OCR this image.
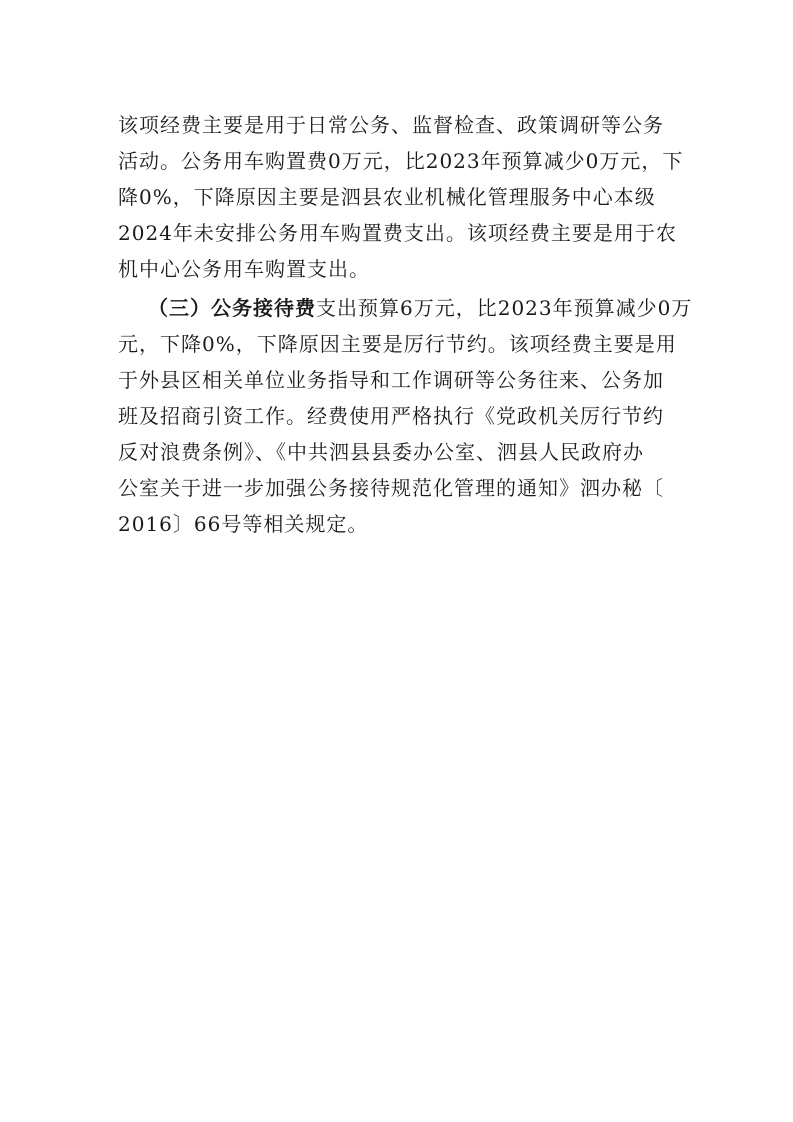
该项经费主要是用于日常公务、监督检查、政策调研等公务
活动。公务用车购置费0万元，比2023年预算减少0万元，下
降0%，下降原因主要是泗县农业机械化管理服务中心本级
2024年未安排公务用车购置费支出。该项经费主要是用于农
机中心公务用车购置支出。
（三）公务接待费支出预算6万元，比2023年预算减少0万
元，下降0%，下降原因主要是厉行节约。该项经费主要是用
于外县区相关单位业务指导和工作调研等公务往来、公务加
班及招商引资工作。经费使用严格执行《党政机关厉行节约
反对浪费条例》、《中共泗县县委办公室、泗县人民政府办
公室关于进一步加强公务接待规范化管理的通知》泗办秘〔
2016〕66号等相关规定。
